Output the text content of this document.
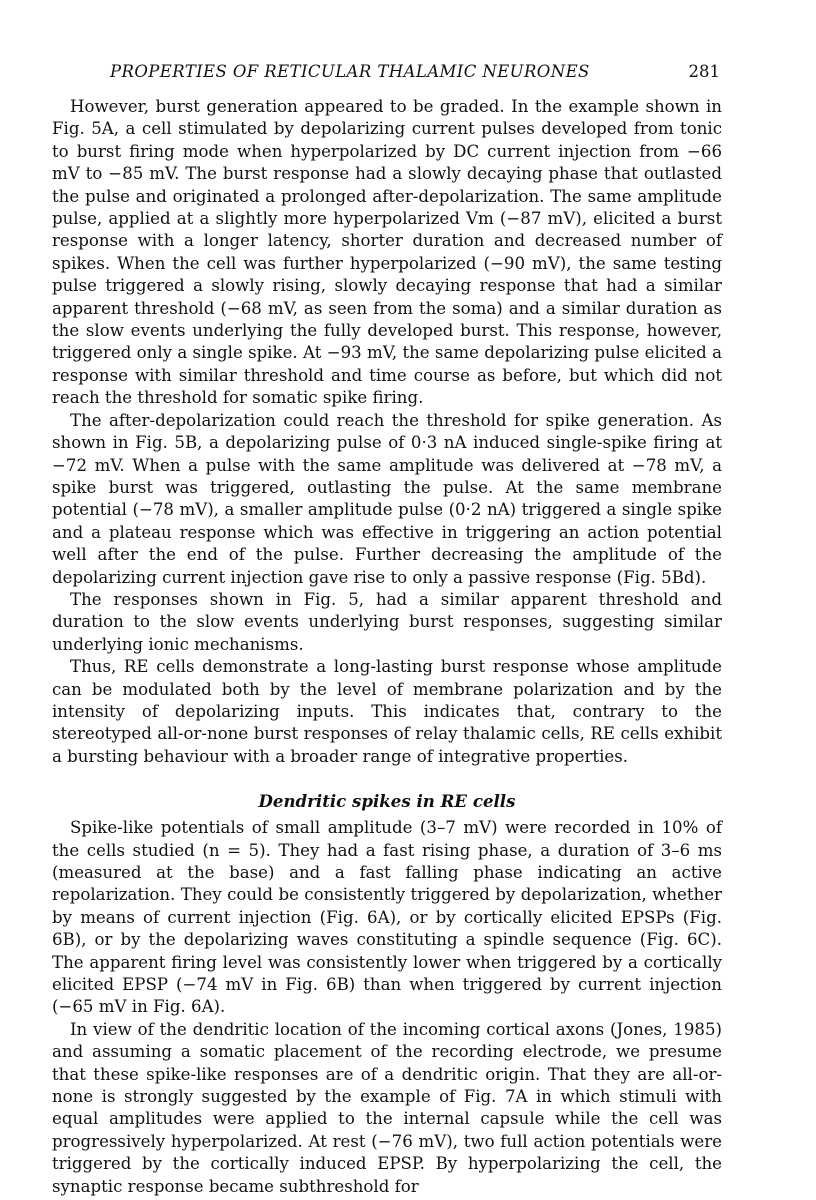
PROPERTIES OF RETICULAR THALAMIC NEURONES	281

However, burst generation appeared to be graded. In the example shown in Fig. 5A, a cell stimulated by depolarizing current pulses developed from tonic to burst firing mode when hyperpolarized by DC current injection from −66 mV to −85 mV. The burst response had a slowly decaying phase that outlasted the pulse and originated a prolonged after-depolarization. The same amplitude pulse, applied at a slightly more hyperpolarized Vm (−87 mV), elicited a burst response with a longer latency, shorter duration and decreased number of spikes. When the cell was further hyperpolarized (−90 mV), the same testing pulse triggered a slowly rising, slowly decaying response that had a similar apparent threshold (−68 mV, as seen from the soma) and a similar duration as the slow events underlying the fully developed burst. This response, however, triggered only a single spike. At −93 mV, the same depolarizing pulse elicited a response with similar threshold and time course as before, but which did not reach the threshold for somatic spike firing.

The after-depolarization could reach the threshold for spike generation. As shown in Fig. 5B, a depolarizing pulse of 0·3 nA induced single-spike firing at −72 mV. When a pulse with the same amplitude was delivered at −78 mV, a spike burst was triggered, outlasting the pulse. At the same membrane potential (−78 mV), a smaller amplitude pulse (0·2 nA) triggered a single spike and a plateau response which was effective in triggering an action potential well after the end of the pulse. Further decreasing the amplitude of the depolarizing current injection gave rise to only a passive response (Fig. 5Bd).

The responses shown in Fig. 5, had a similar apparent threshold and duration to the slow events underlying burst responses, suggesting similar underlying ionic mechanisms.

Thus, RE cells demonstrate a long-lasting burst response whose amplitude can be modulated both by the level of membrane polarization and by the intensity of depolarizing inputs. This indicates that, contrary to the stereotyped all-or-none burst responses of relay thalamic cells, RE cells exhibit a bursting behaviour with a broader range of integrative properties.

Dendritic spikes in RE cells

Spike-like potentials of small amplitude (3–7 mV) were recorded in 10% of the cells studied (n = 5). They had a fast rising phase, a duration of 3–6 ms (measured at the base) and a fast falling phase indicating an active repolarization. They could be consistently triggered by depolarization, whether by means of current injection (Fig. 6A), or by cortically elicited EPSPs (Fig. 6B), or by the depolarizing waves constituting a spindle sequence (Fig. 6C). The apparent firing level was consistently lower when triggered by a cortically elicited EPSP (−74 mV in Fig. 6B) than when triggered by current injection (−65 mV in Fig. 6A).

In view of the dendritic location of the incoming cortical axons (Jones, 1985) and assuming a somatic placement of the recording electrode, we presume that these spike-like responses are of a dendritic origin. That they are all-or-none is strongly suggested by the example of Fig. 7A in which stimuli with equal amplitudes were applied to the internal capsule while the cell was progressively hyperpolarized. At rest (−76 mV), two full action potentials were triggered by the cortically induced EPSP. By hyperpolarizing the cell, the synaptic response became subthreshold for
